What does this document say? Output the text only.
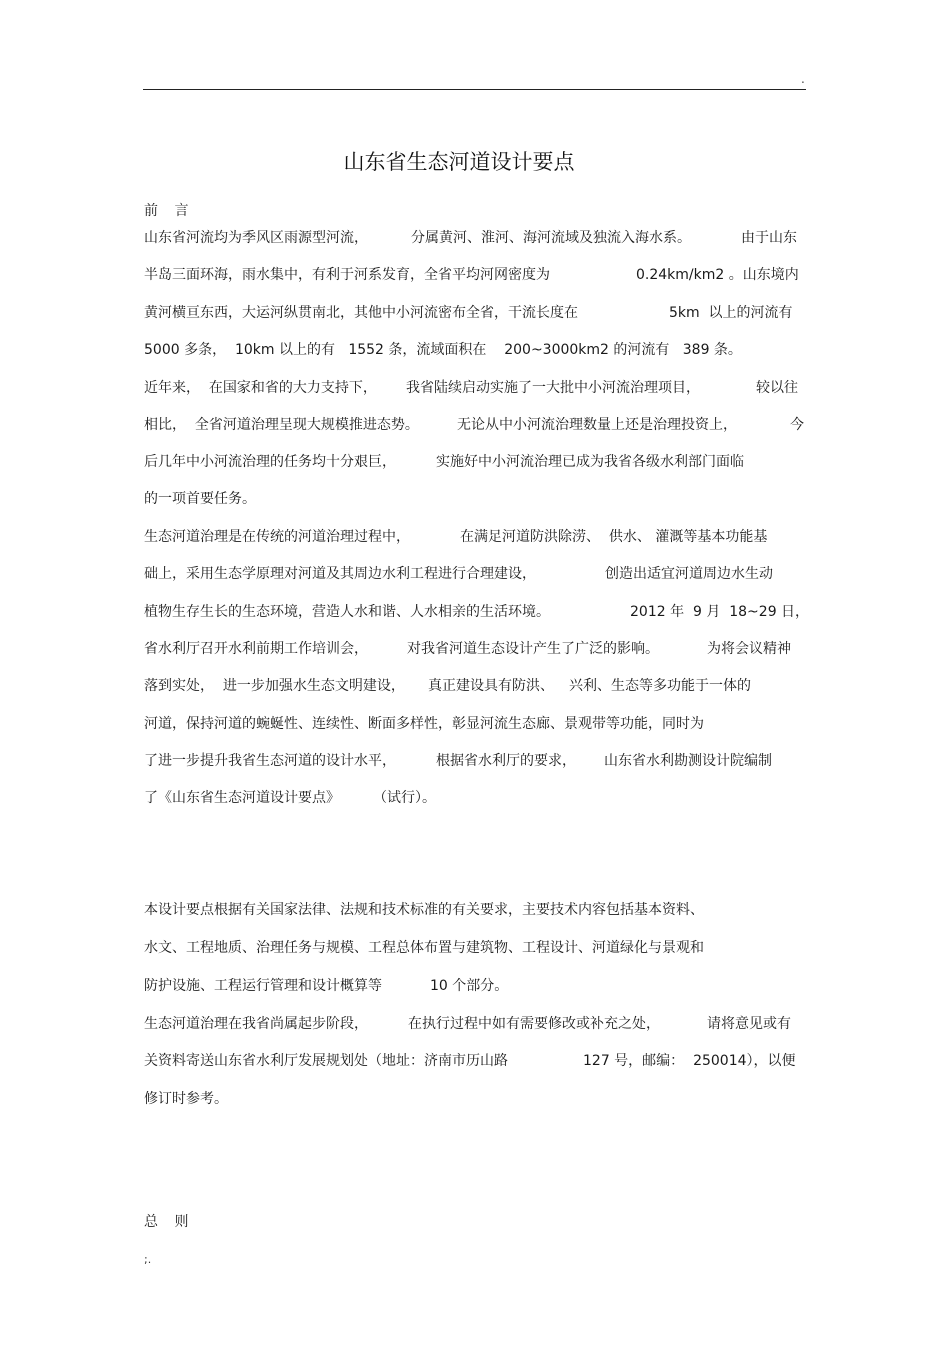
.
山东省生态河道设计要点
前 言
山东省河流均为季风区雨源型河流，	分属黄河、淮河、海河流域及独流入海水系。	由于山东
半岛三面环海，雨水集中，有利于河系发育，全省平均河网密度为	0.24km/km2 。山东境内
黄河横亘东西，大运河纵贯南北，其他中小河流密布全省，干流长度在	5km  以上的河流有
5000 多条，  10km 以上的有   1552 条，流域面积在    200~3000km2 的河流有   389 条。
近年来，  在国家和省的大力支持下， 我省陆续启动实施了一大批中小河流治理项目，	较以往
相比，  全省河道治理呈现大规模推进态势。	无论从中小河流治理数量上还是治理投资上，	今
后几年中小河流治理的任务均十分艰巨，	实施好中小河流治理已成为我省各级水利部门面临
的一项首要任务。
生态河道治理是在传统的河道治理过程中，	在满足河道防洪除涝、  供水、 灌溉等基本功能基
础上，采用生态学原理对河道及其周边水利工程进行合理建设，	创造出适宜河道周边水生动
植物生存生长的生态环境，营造人水和谐、人水相亲的生活环境。	2012 年  9 月  18~29 日，
省水利厅召开水利前期工作培训会，	对我省河道生态设计产生了广泛的影响。	为将会议精神
落到实处，  进一步加强水生态文明建设， 真正建设具有防洪、 兴利、生态等多功能于一体的
河道，保持河道的蜿蜒性、连续性、断面多样性，彰显河流生态廊、景观带等功能，同时为
了进一步提升我省生态河道的设计水平，	根据省水利厅的要求， 山东省水利勘测设计院编制
了《山东省生态河道设计要点》 （试行）。
本设计要点根据有关国家法律、法规和技术标准的有关要求，主要技术内容包括基本资料、
水文、工程地质、治理任务与规模、工程总体布置与建筑物、工程设计、河道绿化与景观和
防护设施、工程运行管理和设计概算等	10 个部分。
生态河道治理在我省尚属起步阶段，	在执行过程中如有需要修改或补充之处，	请将意见或有
关资料寄送山东省水利厅发展规划处（地址：济南市历山路	127 号，邮编：  250014），以便
修订时参考。
总 则
;.
